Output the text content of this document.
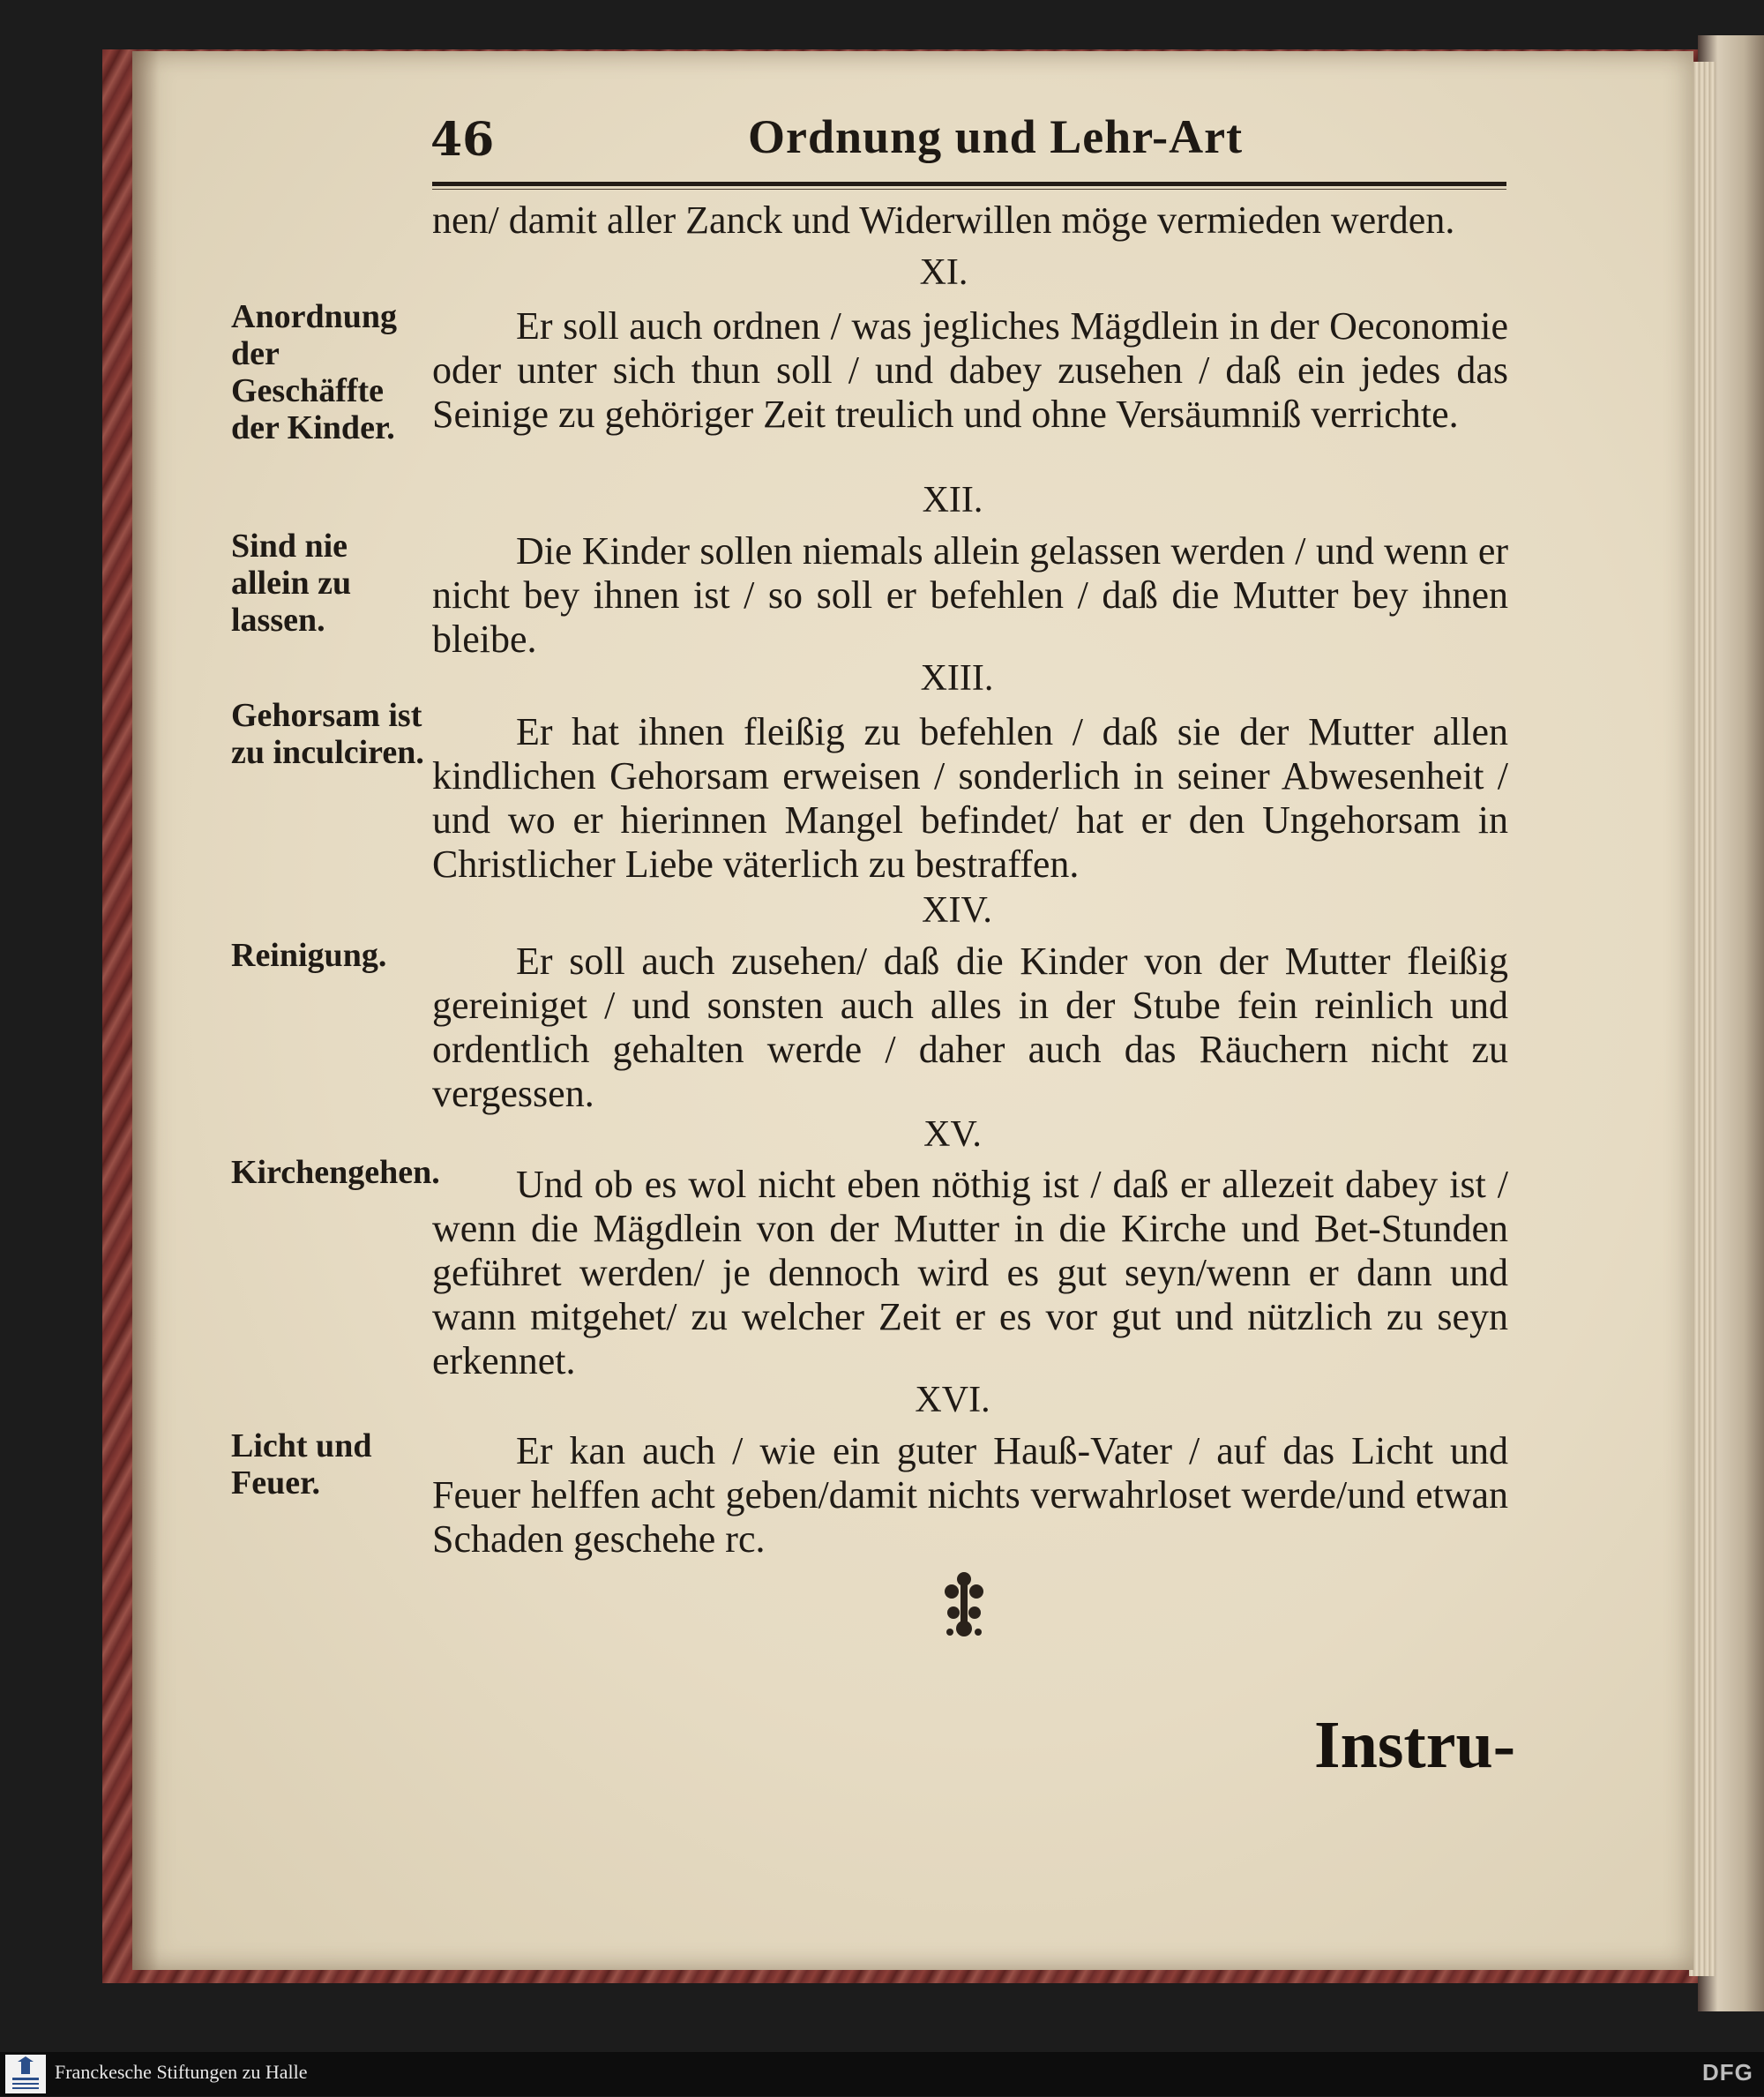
46	Ordnung und Lehr-Art
nen/ damit aller Zanck und Widerwillen möge vermieden werden.
XI.
Er soll auch ordnen / was jegliches Mägdlein in der Oeconomie oder unter sich thun soll / und dabey zusehen / daß ein jedes das Seinige zu gehöriger Zeit treulich und ohne Versäumniß verrichte.
XII.
Die Kinder sollen niemals allein gelassen werden / und wenn er nicht bey ihnen ist / so soll er befehlen / daß die Mutter bey ihnen bleibe.
XIII.
Er hat ihnen fleißig zu befehlen / daß sie der Mutter allen kindlichen Gehorsam erweisen / sonderlich in seiner Abwesenheit / und wo er hierinnen Mangel befindet/ hat er den Ungehorsam in Christlicher Liebe väterlich zu bestraffen.
XIV.
Er soll auch zusehen/ daß die Kinder von der Mutter fleißig gereiniget / und sonsten auch alles in der Stube fein reinlich und ordentlich gehalten werde / daher auch das Räuchern nicht zu vergessen.
XV.
Und ob es wol nicht eben nöthig ist / daß er allezeit dabey ist / wenn die Mägdlein von der Mutter in die Kirche und Bet-Stunden geführet werden/ je dennoch wird es gut seyn/wenn er dann und wann mitgehet/ zu welcher Zeit er es vor gut und nützlich zu seyn erkennet.
XVI.
Er kan auch / wie ein guter Hauß-Vater / auf das Licht und Feuer helffen acht geben/damit nichts verwahrloset werde/und etwan Schaden geschehe rc.
Anordnung der Geschäffte der Kinder.
Sind nie allein zu lassen.
Gehorsam ist zu inculciren.
Reinigung.
Kirchengehen.
Licht und Feuer.
Instru-
Franckesche Stiftungen zu Halle	DFG
